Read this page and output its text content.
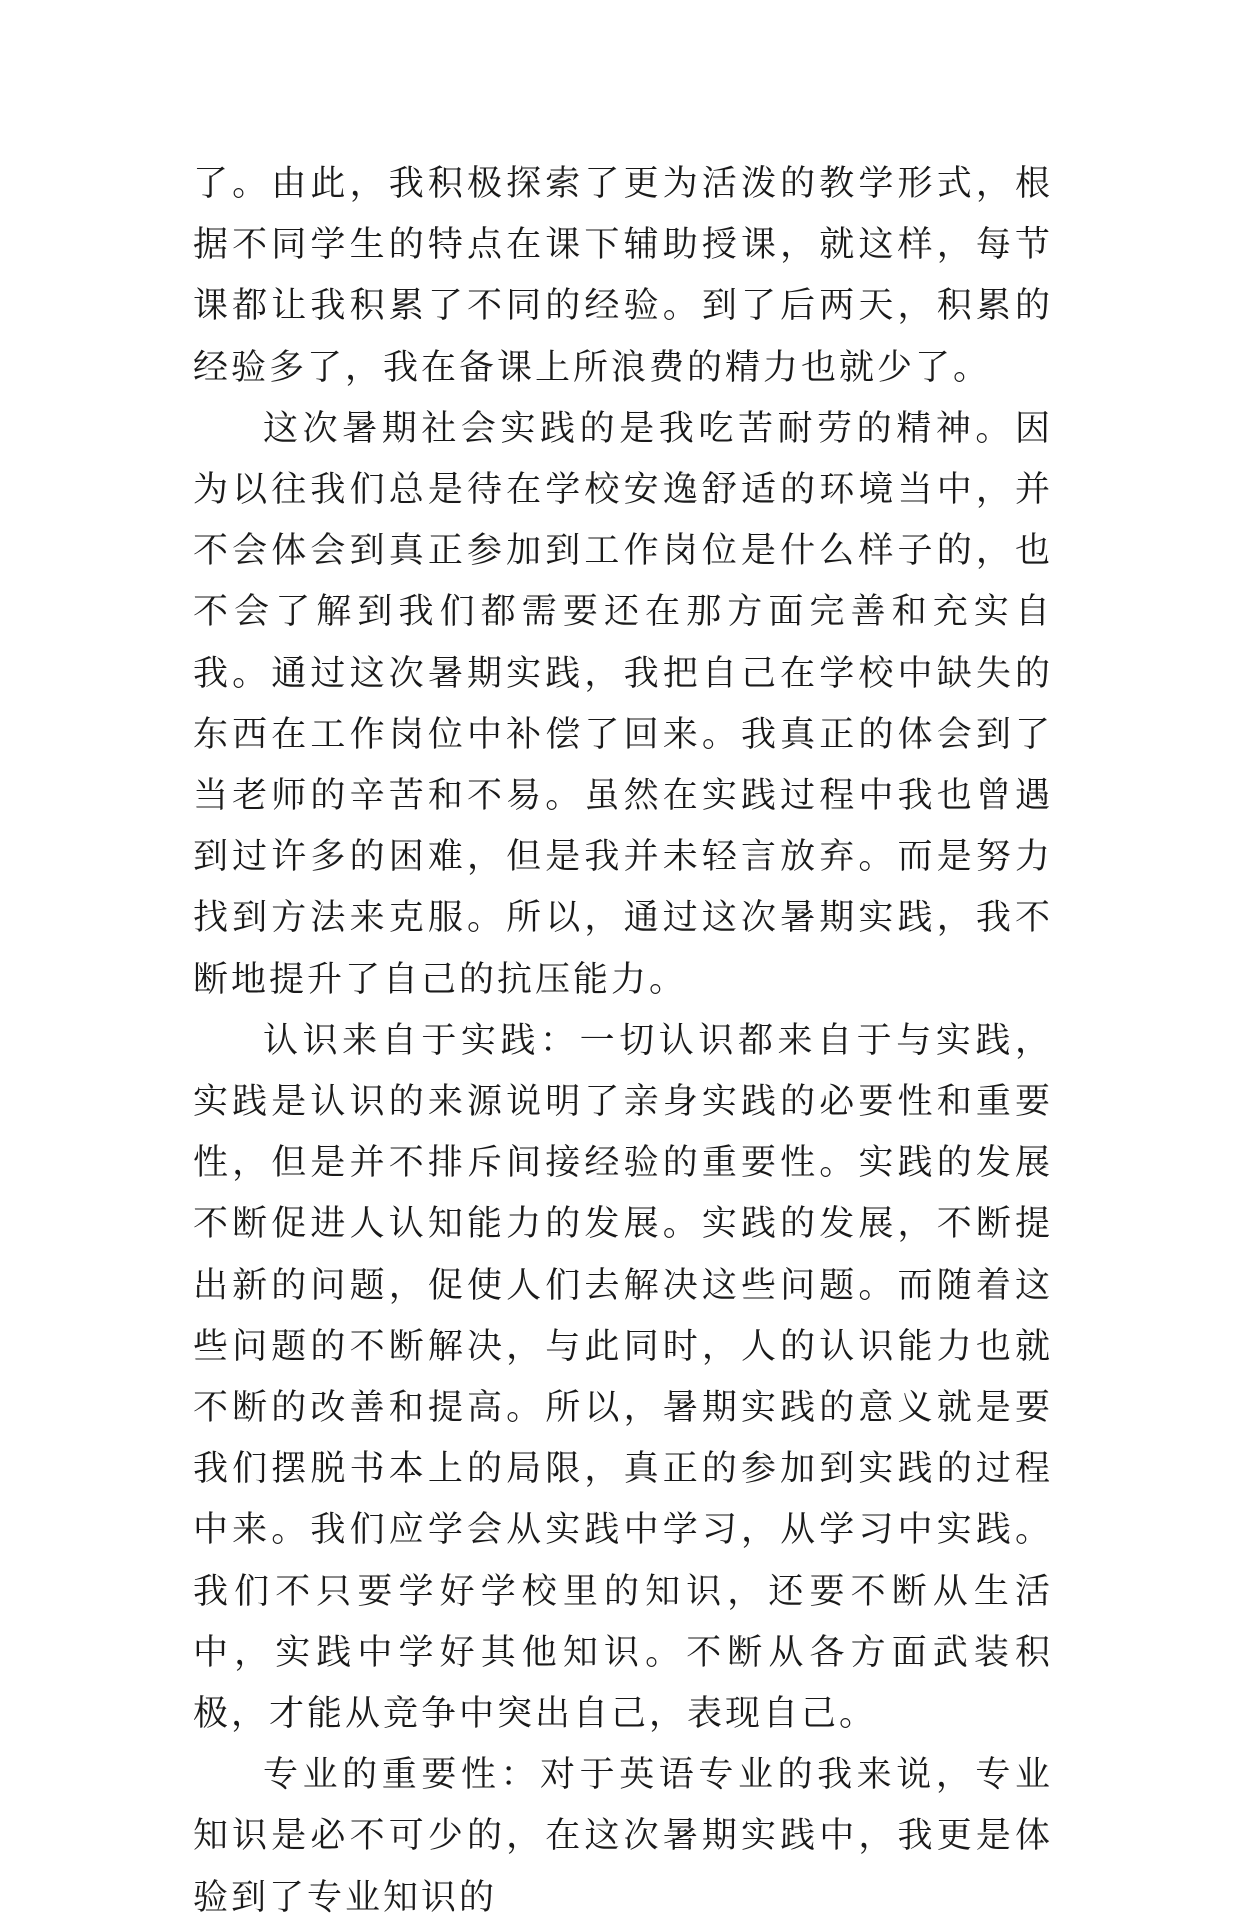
了。由此，我积极探索了更为活泼的教学形式，根据不同学生的特点在课下辅助授课，就这样，每节课都让我积累了不同的经验。到了后两天，积累的经验多了，我在备课上所浪费的精力也就少了。

这次暑期社会实践的是我吃苦耐劳的精神。因为以往我们总是待在学校安逸舒适的环境当中，并不会体会到真正参加到工作岗位是什么样子的，也不会了解到我们都需要还在那方面完善和充实自我。通过这次暑期实践，我把自己在学校中缺失的东西在工作岗位中补偿了回来。我真正的体会到了当老师的辛苦和不易。虽然在实践过程中我也曾遇到过许多的困难，但是我并未轻言放弃。而是努力找到方法来克服。所以，通过这次暑期实践，我不断地提升了自己的抗压能力。

认识来自于实践：一切认识都来自于与实践，实践是认识的来源说明了亲身实践的必要性和重要性，但是并不排斥间接经验的重要性。实践的发展不断促进人认知能力的发展。实践的发展，不断提出新的问题，促使人们去解决这些问题。而随着这些问题的不断解决，与此同时，人的认识能力也就不断的改善和提高。所以，暑期实践的意义就是要我们摆脱书本上的局限，真正的参加到实践的过程中来。我们应学会从实践中学习，从学习中实践。我们不只要学好学校里的知识，还要不断从生活中，实践中学好其他知识。不断从各方面武装积极，才能从竞争中突出自己，表现自己。

专业的重要性：对于英语专业的我来说，专业知识是必不可少的，在这次暑期实践中，我更是体验到了专业知识的
